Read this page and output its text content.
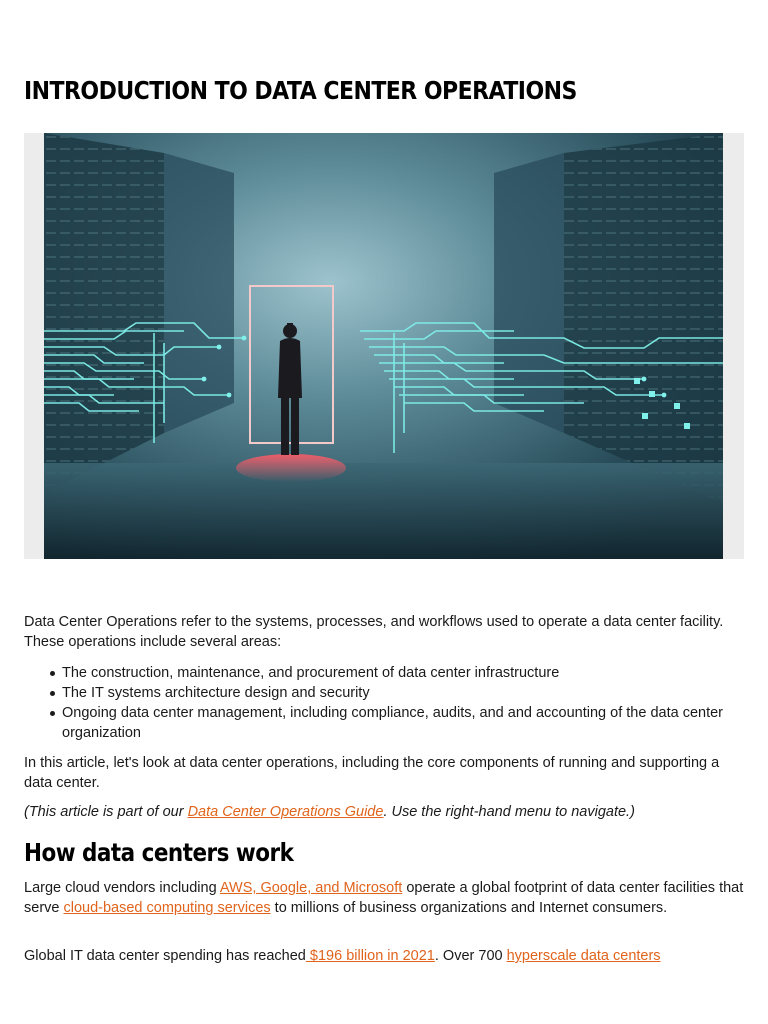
INTRODUCTION TO DATA CENTER OPERATIONS

Data Center Operations refer to the systems, processes, and workflows used to operate a data center facility. These operations include several areas:

The construction, maintenance, and procurement of data center infrastructure
The IT systems architecture design and security
Ongoing data center management, including compliance, audits, and and accounting of the data center organization

In this article, let's look at data center operations, including the core components of running and supporting a data center.

(This article is part of our Data Center Operations Guide. Use the right-hand menu to navigate.)

How data centers work

Large cloud vendors including AWS, Google, and Microsoft operate a global footprint of data center facilities that serve cloud-based computing services to millions of business organizations and Internet consumers.

Global IT data center spending has reached $196 billion in 2021. Over 700 hyperscale data centers
